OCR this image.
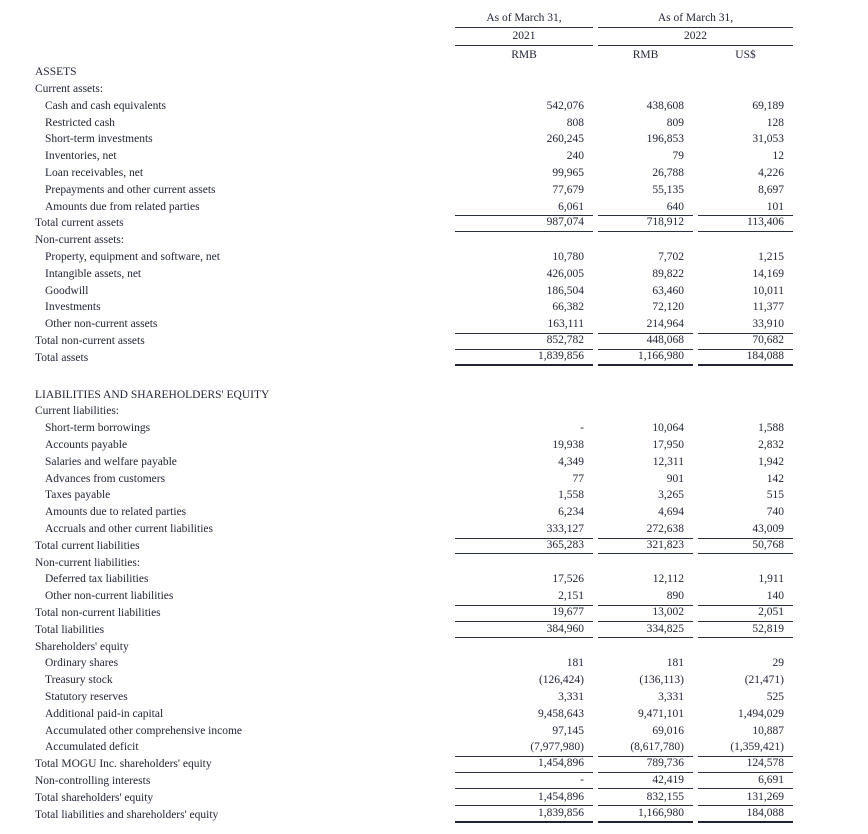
As of March 31,	As of March 31,
2021	2022
RMB	RMB	US$
ASSETS
Current assets:
Cash and cash equivalents	542,076	438,608	69,189
Restricted cash	808	809	128
Short-term investments	260,245	196,853	31,053
Inventories, net	240	79	12
Loan receivables, net	99,965	26,788	4,226
Prepayments and other current assets	77,679	55,135	8,697
Amounts due from related parties	6,061	640	101
Total current assets	987,074	718,912	113,406
Non-current assets:
Property, equipment and software, net	10,780	7,702	1,215
Intangible assets, net	426,005	89,822	14,169
Goodwill	186,504	63,460	10,011
Investments	66,382	72,120	11,377
Other non-current assets	163,111	214,964	33,910
Total non-current assets	852,782	448,068	70,682
Total assets	1,839,856	1,166,980	184,088
LIABILITIES AND SHAREHOLDERS' EQUITY
Current liabilities:
Short-term borrowings	-	10,064	1,588
Accounts payable	19,938	17,950	2,832
Salaries and welfare payable	4,349	12,311	1,942
Advances from customers	77	901	142
Taxes payable	1,558	3,265	515
Amounts due to related parties	6,234	4,694	740
Accruals and other current liabilities	333,127	272,638	43,009
Total current liabilities	365,283	321,823	50,768
Non-current liabilities:
Deferred tax liabilities	17,526	12,112	1,911
Other non-current liabilities	2,151	890	140
Total non-current liabilities	19,677	13,002	2,051
Total liabilities	384,960	334,825	52,819
Shareholders' equity
Ordinary shares	181	181	29
Treasury stock	(126,424)	(136,113)	(21,471)
Statutory reserves	3,331	3,331	525
Additional paid-in capital	9,458,643	9,471,101	1,494,029
Accumulated other comprehensive income	97,145	69,016	10,887
Accumulated deficit	(7,977,980)	(8,617,780)	(1,359,421)
Total MOGU Inc. shareholders' equity	1,454,896	789,736	124,578
Non-controlling interests	-	42,419	6,691
Total shareholders' equity	1,454,896	832,155	131,269
Total liabilities and shareholders' equity	1,839,856	1,166,980	184,088
